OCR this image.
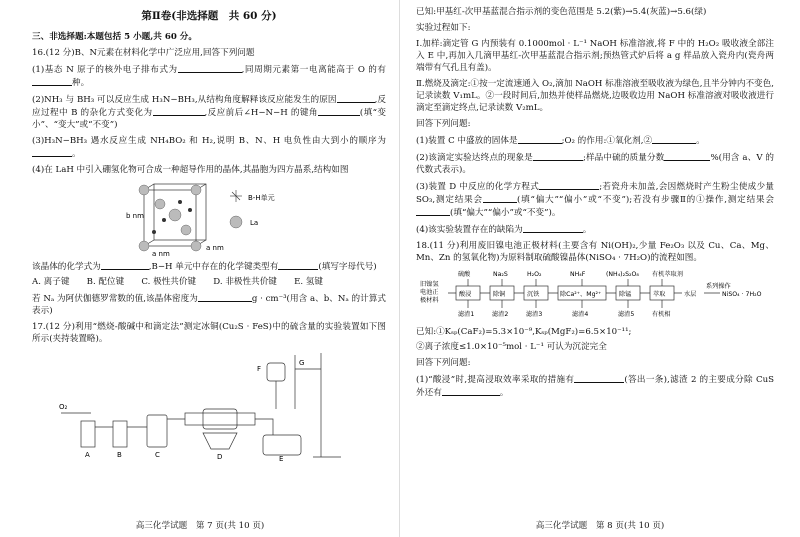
第Ⅱ卷(非选择题　共 60 分)

三、非选择题:本题包括 5 小题,共 60 分。

16.(12 分)B、N元素在材料化学中广泛应用,回答下列问题

(1)基态 N 原子的核外电子排布式为	,同周期元素第一电离能高于 O 的有种。

(2)NH₃ 与 BH₃ 可以反应生成 H₃N−BH₃,从结构角度解释该反应能发生的原因	,反应过程中 B 的杂化方式变化为	,反应前后∠H−N−H 的键角	(填“变小”、“变大”或“不变”)

(3)H₃N−BH₃ 遇水反应生成 NH₄BO₂ 和 H₂,说明 B、N、H 电负性由大到小的顺序为。

(4)在 LaH 中引入硼氢化物可合成一种超导作用的晶体,其晶胞为四方晶系,结构如图

b nm
a nm
a nm
B-H单元
La

该晶体的化学式为	,B−H 单元中存在的化学键类型有	(填写字母代号)

A. 离子键　　B. 配位键　　C. 极性共价键　　D. 非极性共价键　　E. 氢键

若 Nₐ 为阿伏伽德罗常数的值,该晶体密度为	g · cm⁻³(用含 a、b、Nₐ 的计算式表示)

17.(12 分)利用“燃烧-酸碱中和滴定法”测定冰铜(Cu₂S · FeS)中的硫含量的实验装置如下图所示(夹持装置略)。

O₂
A	B	C	D	E
F
G
高三化学试题　第 7 页(共 10 页)

已知:甲基红-次甲基蓝混合指示剂的变色范围是 5.2(紫)→5.4(灰蓝)→5.6(绿)

实验过程如下:

Ⅰ.加样:滴定管 G 内预装有 0.1000mol · L⁻¹ NaOH 标准溶液,将 F 中的 H₂O₂ 吸收液全部注入 E 中,再加入几滴甲基红-次甲基蓝混合指示剂;预热管式炉后将 a g 样品放入瓷舟内(瓷舟两端带有气孔且有盖)。

Ⅱ.燃烧及滴定:①按一定流速通入 O₂,滴加 NaOH 标准溶液至吸收液为绿色,且半分钟内不变色,记录读数 V₁mL。②一段时间后,加热并使样品燃烧,边吸收边用 NaOH 标准溶液对吸收液进行滴定至滴定终点,记录读数 V₂mL。

回答下列问题:

(1)装置 C 中盛放的固体是	;O₂ 的作用:①氧化剂,②	。

(2)该滴定实验达终点的现象是	;样品中硫的质量分数	%(用含 a、V 的代数式表示)。

(3)装置 D 中反应的化学方程式	;若瓷舟未加盖,会因燃烧时产生粉尘使成少量 SO₃,测定结果会	(填“偏大”“偏小”或“不变”);若没有步骤Ⅱ的①操作,测定结果会(填“偏大”“偏小”或“不变”)。

(4)该实验装置存在的缺陷为	。

18.(11 分)利用废旧镍电池正极材料(主要含有 Ni(OH)₂,少量 Fe₂O₃ 以及 Cu、Ca、Mg、Mn、Zn 的氢氧化物)为原料制取硫酸镍晶体(NiSO₄ · 7H₂O)的流程如图。

旧镍氢
电池正
极材料
硫酸	Na₂S	H₂O₂	NH₄F	(NH₄)₂S₂O₈ 有机萃取剂
酸浸	除铜	沉铁	除Ca²⁺、Mg²⁺	除锰	萃取
滤渣1	滤渣2	滤渣3	滤渣4	滤渣5	有机相
水层
系列操作
NiSO₄ · 7H₂O

已知:①Kₛₚ(CaF₂)=5.3×10⁻⁹,Kₛₚ(MgF₂)=6.5×10⁻¹¹;

②离子浓度≤1.0×10⁻⁵mol · L⁻¹ 可认为沉淀完全

回答下列问题:

(1)“酸浸”时,提高浸取效率采取的措施有	(答出一条),滤渣 2 的主要成分除 CuS 外还有	。

高三化学试题　第 8 页(共 10 页)
